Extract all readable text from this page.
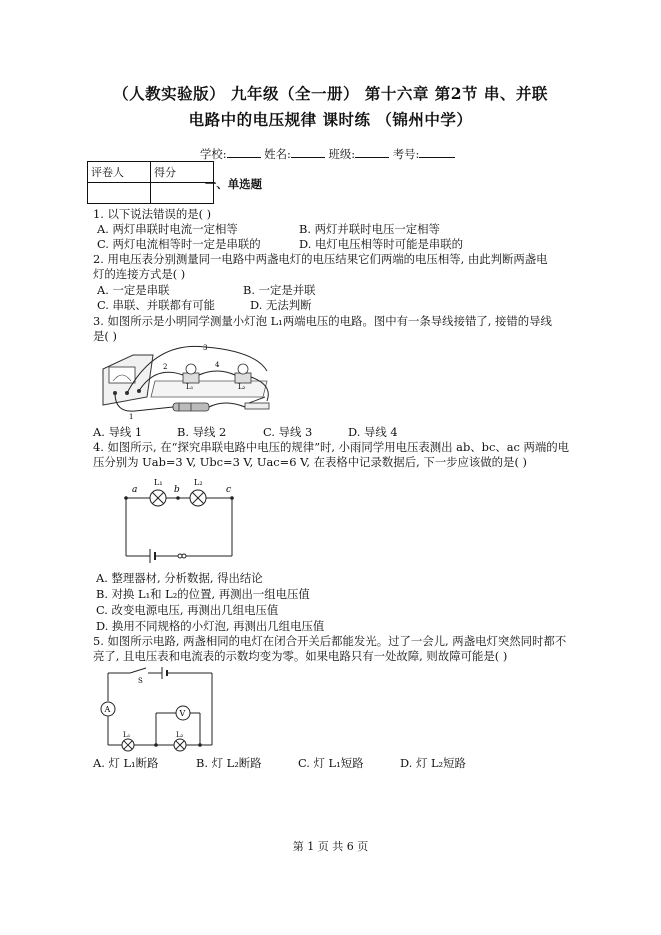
（人教实验版） 九年级（全一册） 第十六章 第2节 串、并联
电路中的电压规律 课时练 （锦州中学）
学校:	姓名:	班级:	考号:
评卷人	得分

一、单选题
1. 以下说法错误的是( )
A. 两灯串联时电流一定相等	B. 两灯并联时电压一定相等
C. 两灯电流相等时一定是串联的	D. 电灯电压相等时可能是串联的
2. 用电压表分别测量同一电路中两盏电灯的电压结果它们两端的电压相等, 由此判断两盏电
灯的连接方式是( )
A. 一定是串联	B. 一定是并联
C. 串联、并联都有可能	D. 无法判断
3. 如图所示是小明同学测量小灯泡 L₁两端电压的电路。图中有一条导线接错了, 接错的导线
是( )
L₁	L₂
1
2
3
4
A. 导线 1	B. 导线 2	C. 导线 3	D. 导线 4
4. 如图所示, 在“探究串联电路中电压的规律”时, 小雨同学用电压表测出 ab、bc、ac 两端的电
压分别为 Uab=3 V, Ubc=3 V, Uac=6 V, 在表格中记录数据后, 下一步应该做的是( )
a	b	c
L₁	L₂
A. 整理器材, 分析数据, 得出结论
B. 对换 L₁和 L₂的位置, 再测出一组电压值
C. 改变电源电压, 再测出几组电压值
D. 换用不同规格的小灯泡, 再测出几组电压值
5. 如图所示电路, 两盏相同的电灯在闭合开关后都能发光。过了一会儿, 两盏电灯突然同时都不
亮了, 且电压表和电流表的示数均变为零。如果电路只有一处故障, 则故障可能是( )
S
A
L₁	L₂
V
A. 灯 L₁断路	B. 灯 L₂断路	C. 灯 L₁短路	D. 灯 L₂短路
第 1 页 共 6 页
